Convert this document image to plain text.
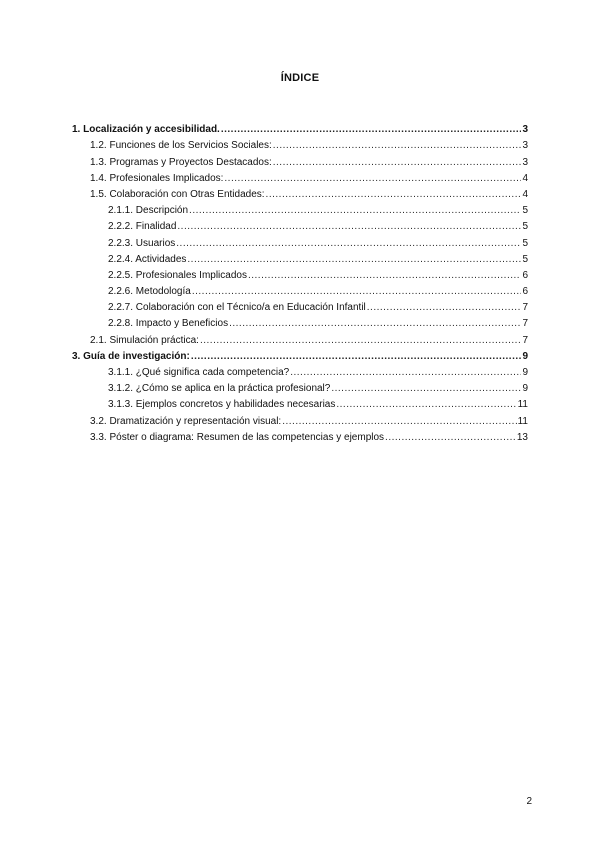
ÍNDICE
1. Localización y accesibilidad. .....	3
1.2. Funciones de los Servicios Sociales: .....	3
1.3. Programas y Proyectos Destacados: .....	3
1.4. Profesionales Implicados: .....	4
1.5. Colaboración con Otras Entidades: .....	4
2.1.1. Descripción .....	5
2.2.2. Finalidad .....	5
2.2.3. Usuarios .....	5
2.2.4. Actividades .....	5
2.2.5. Profesionales Implicados .....	6
2.2.6. Metodología .....	6
2.2.7. Colaboración con el Técnico/a en Educación Infantil .....	7
2.2.8. Impacto y Beneficios .....	7
2.1. Simulación práctica: .....	7
3. Guía de investigación: .....	9
3.1.1. ¿Qué significa cada competencia? .....	9
3.1.2. ¿Cómo se aplica en la práctica profesional? .....	9
3.1.3. Ejemplos concretos y habilidades necesarias .....	11
3.2. Dramatización y representación visual: .....	11
3.3. Póster o diagrama: Resumen de las competencias y ejemplos .....	13
2
